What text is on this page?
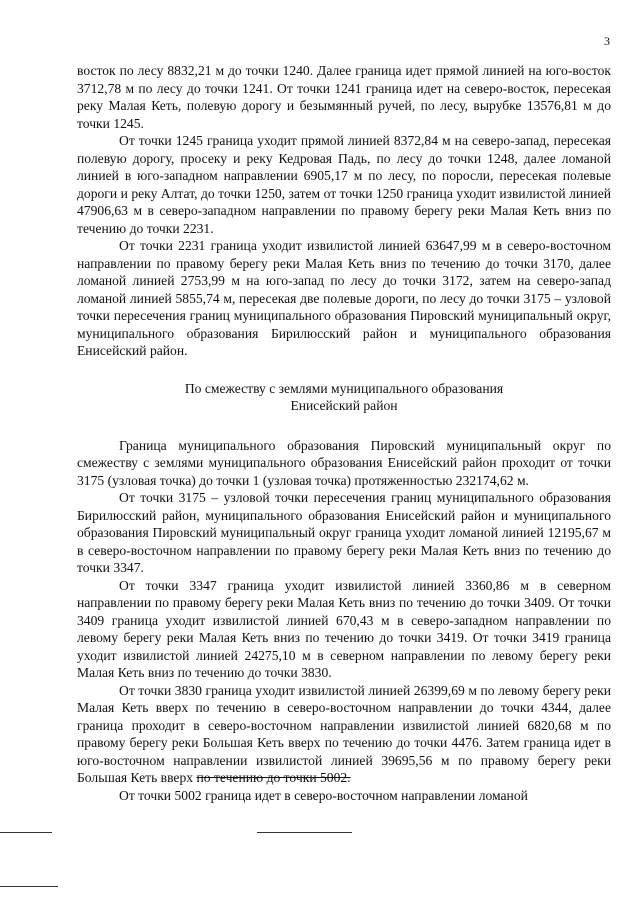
3

восток по лесу 8832,21 м до точки 1240. Далее граница идет прямой линией на юго-восток 3712,78 м по лесу до точки 1241. От точки 1241 граница идет на северо-восток, пересекая реку Малая Кеть, полевую дорогу и безымянный ручей, по лесу, вырубке 13576,81 м до точки 1245.

От точки 1245 граница уходит прямой линией 8372,84 м на северо-запад, пересекая полевую дорогу, просеку и реку Кедровая Падь, по лесу до точки 1248, далее ломаной линией в юго-западном направлении 6905,17 м по лесу, по поросли, пересекая полевые дороги и реку Алтат, до точки 1250, затем от точки 1250 граница уходит извилистой линией 47906,63 м в северо-западном направлении по правому берегу реки Малая Кеть вниз по течению до точки 2231.

От точки 2231 граница уходит извилистой линией 63647,99 м в северо-восточном направлении по правому берегу реки Малая Кеть вниз по течению до точки 3170, далее ломаной линией 2753,99 м на юго-запад по лесу до точки 3172, затем на северо-запад ломаной линией 5855,74 м, пересекая две полевые дороги, по лесу до точки 3175 – узловой точки пересечения границ муниципального образования Пировский муниципальный округ, муниципального образования Бирилюсский район и муниципального образования Енисейский район.

По смежеству с землями муниципального образования
Енисейский район

Граница муниципального образования Пировский муниципальный округ по смежеству с землями муниципального образования Енисейский район проходит от точки 3175 (узловая точка) до точки 1 (узловая точка) протяженностью 232174,62 м.

От точки 3175 – узловой точки пересечения границ муниципального образования Бирилюсский район, муниципального образования Енисейский район и муниципального образования Пировский муниципальный округ граница уходит ломаной линией 12195,67 м в северо-восточном направлении по правому берегу реки Малая Кеть вниз по течению до точки 3347.

От точки 3347 граница уходит извилистой линией 3360,86 м в северном направлении по правому берегу реки Малая Кеть вниз по течению до точки 3409. От точки 3409 граница уходит извилистой линией 670,43 м в северо-западном направлении по левому берегу реки Малая Кеть вниз по течению до точки 3419. От точки 3419 граница уходит извилистой линией 24275,10 м в северном направлении по левому берегу реки Малая Кеть вниз по течению до точки 3830.

От точки 3830 граница уходит извилистой линией 26399,69 м по левому берегу реки Малая Кеть вверх по течению в северо-восточном направлении до точки 4344, далее граница проходит в северо-восточном направлении извилистой линией 6820,68 м по правому берегу реки Большая Кеть вверх по течению до точки 4476. Затем граница идет в юго-восточном направлении извилистой линией 39695,56 м по правому берегу реки Большая Кеть вверх по течению до точки 5002.

От точки 5002 граница идет в северо-восточном направлении ломаной
